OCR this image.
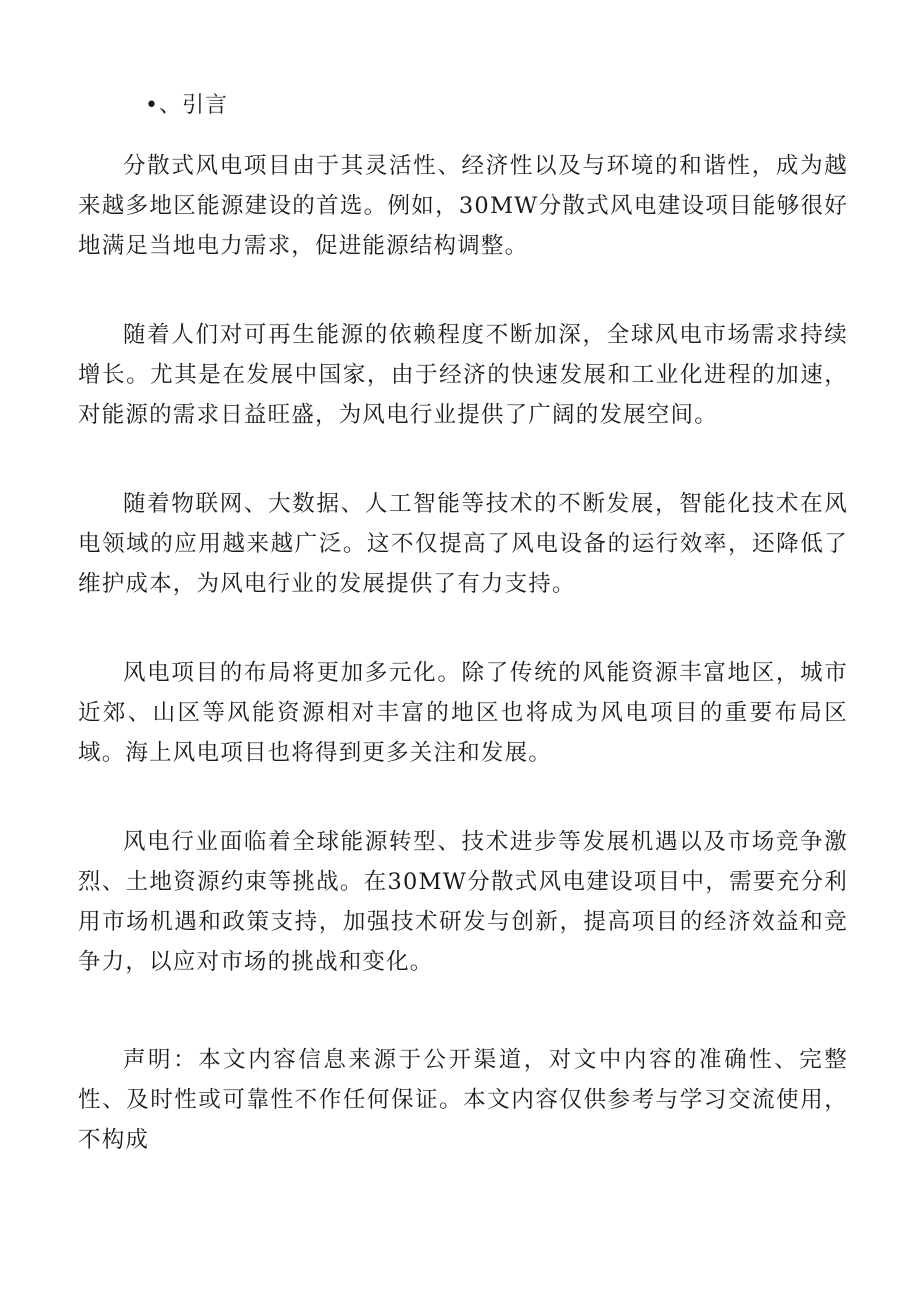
•、引言

分散式风电项目由于其灵活性、经济性以及与环境的和谐性，成为越来越多地区能源建设的首选。例如，30MW分散式风电建设项目能够很好地满足当地电力需求，促进能源结构调整。

随着人们对可再生能源的依赖程度不断加深，全球风电市场需求持续增长。尤其是在发展中国家，由于经济的快速发展和工业化进程的加速，对能源的需求日益旺盛，为风电行业提供了广阔的发展空间。

随着物联网、大数据、人工智能等技术的不断发展，智能化技术在风电领域的应用越来越广泛。这不仅提高了风电设备的运行效率，还降低了维护成本，为风电行业的发展提供了有力支持。

风电项目的布局将更加多元化。除了传统的风能资源丰富地区，城市近郊、山区等风能资源相对丰富的地区也将成为风电项目的重要布局区域。海上风电项目也将得到更多关注和发展。

风电行业面临着全球能源转型、技术进步等发展机遇以及市场竞争激烈、土地资源约束等挑战。在30MW分散式风电建设项目中，需要充分利用市场机遇和政策支持，加强技术研发与创新，提高项目的经济效益和竞争力，以应对市场的挑战和变化。

声明：本文内容信息来源于公开渠道，对文中内容的准确性、完整性、及时性或可靠性不作任何保证。本文内容仅供参考与学习交流使用，不构成
